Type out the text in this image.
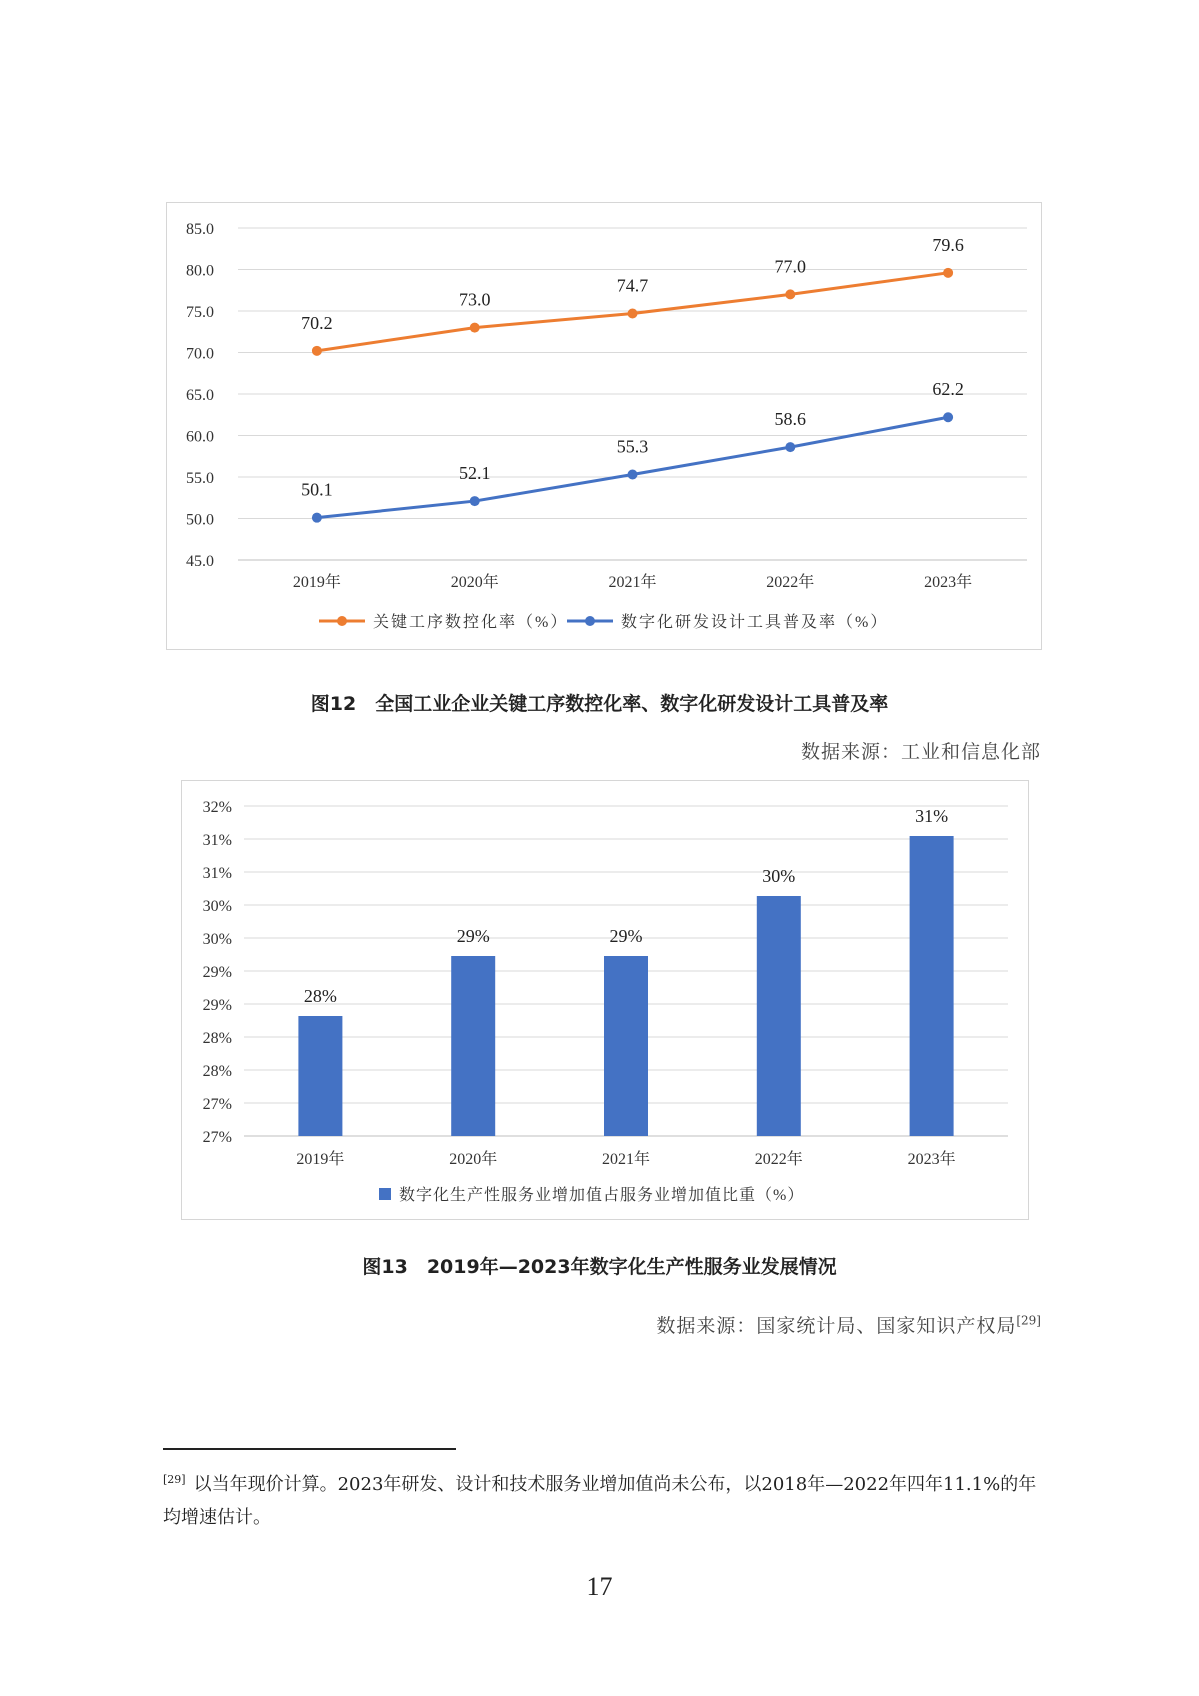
45.0
50.0
55.0
60.0
65.0
70.0
75.0
80.0
85.0
2019年	2020年	2021年	2022年	2023年
70.2
73.0
74.7
77.0
79.6
50.1
52.1
55.3
58.6
62.2
关键工序数控化率（%）	数字化研发设计工具普及率（%）
图12　全国工业企业关键工序数控化率、数字化研发设计工具普及率
数据来源：工业和信息化部
27%
27%
28%
28%
29%
29%
30%
30%
31%
31%
32%
28%
2019年
29%
2020年
29%
2021年
30%
2022年
31%
2023年
数字化生产性服务业增加值占服务业增加值比重（%）
图13　2019年—2023年数字化生产性服务业发展情况
数据来源：国家统计局、国家知识产权局[29]
[29] 以当年现价计算。2023年研发、设计和技术服务业增加值尚未公布，以2018年—2022年四年11.1%的年均增速估计。
17
